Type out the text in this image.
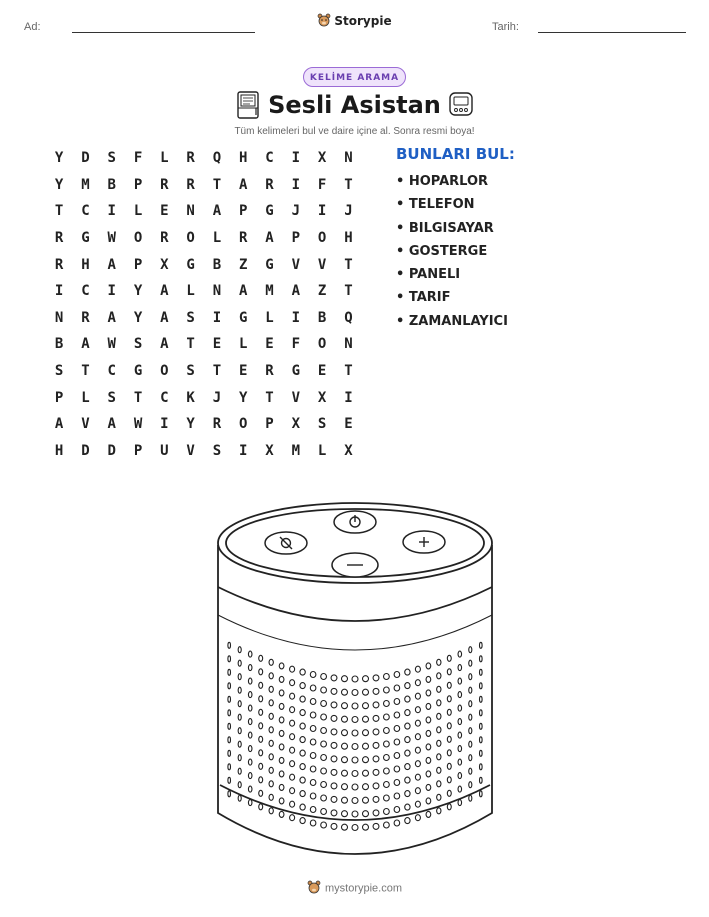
Ad:	Storypie	Tarih:
KELİME ARAMA
Sesli Asistan
Tüm kelimeleri bul ve daire içine al. Sonra resmi boya!
Y	D	S	F	L	R	Q	H	C	I	X	N
Y	M	B	P	R	R	T	A	R	I	F	T
T	C	I	L	E	N	A	P	G	J	I	J
R	G	W	O	R	O	L	R	A	P	O	H
R	H	A	P	X	G	B	Z	G	V	V	T
I	C	I	Y	A	L	N	A	M	A	Z	T
N	R	A	Y	A	S	I	G	L	I	B	Q
B	A	W	S	A	T	E	L	E	F	O	N
S	T	C	G	O	S	T	E	R	G	E	T
P	L	S	T	C	K	J	Y	T	V	X	I
A	V	A	W	I	Y	R	O	P	X	S	E
H	D	D	P	U	V	S	I	X	M	L	X
BUNLARI BUL:
• HOPARLOR
• TELEFON
• BILGISAYAR
• GOSTERGE
• PANELI
• TARIF
• ZAMANLAYICI
mystorypie.com
